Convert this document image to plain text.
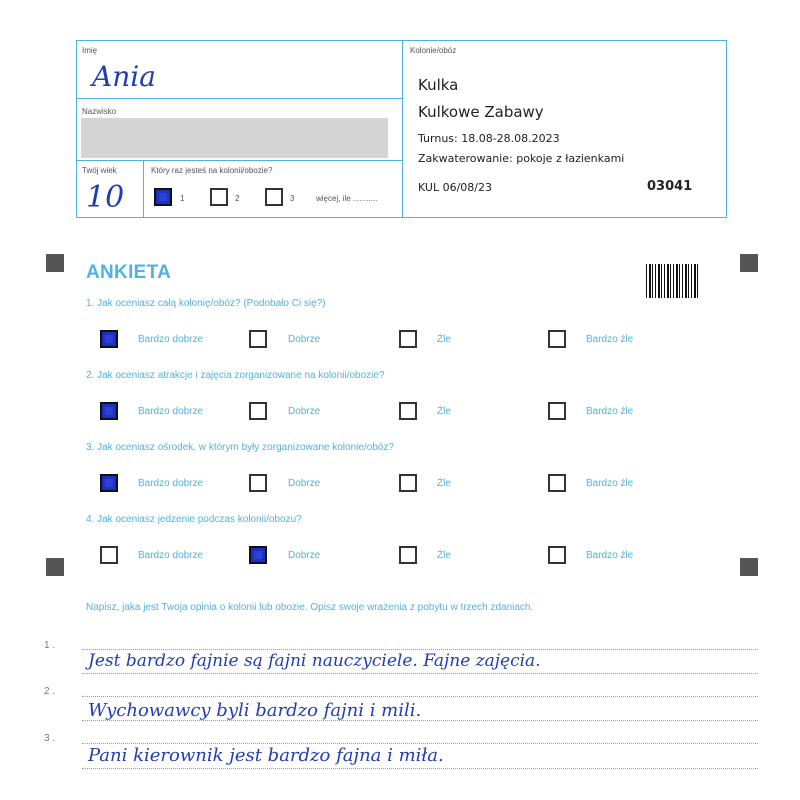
Imię
Ania
Nazwisko
Twój wiek
10
Który raz jesteś na kolonii/obozie?
1	2	3	więcej, ile ...........
Kolonie/obóz
Kulka
Kulkowe Zabawy
Turnus: 18.08-28.08.2023
Zakwaterowanie: pokoje z łazienkami
KUL 06/08/23	03041
ANKIETA
1. Jak oceniasz całą kolonię/obóz? (Podobało Ci się?)
Bardzo dobrze	Dobrze	Źle	Bardzo źle
2. Jak oceniasz atrakcje i zajęcia zorganizowane na kolonii/obozie?
Bardzo dobrze	Dobrze	Źle	Bardzo źle
3. Jak oceniasz ośrodek, w którym były zorganizowane kolonie/obóz?
Bardzo dobrze	Dobrze	Źle	Bardzo źle
4. Jak oceniasz jedzenie podczas kolonii/obozu?
Bardzo dobrze	Dobrze	Źle	Bardzo źle
Napisz, jaka jest Twoja opinia o kolonii lub obozie. Opisz swoje wrażenia z pobytu w trzech zdaniach.
1 .
2 .
3 .
Jest bardzo fajnie są fajni nauczyciele. Fajne zajęcia.
Wychowawcy byli bardzo fajni i mili.
Pani kierownik jest bardzo fajna i miła.
